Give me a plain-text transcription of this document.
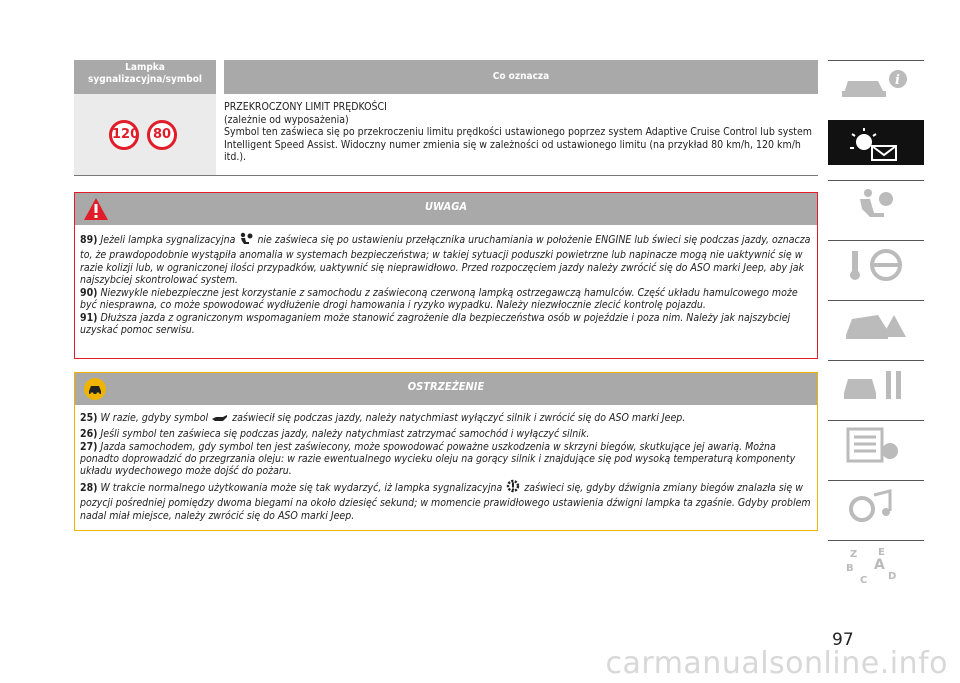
Lampka sygnalizacyjna/symbol	Co oznacza
120	80
PRZEKROCZONY LIMIT PRĘDKOŚCI
(zależnie od wyposażenia)
Symbol ten zaświeca się po przekroczeniu limitu prędkości ustawionego poprzez system Adaptive Cruise Control lub system Intelligent Speed Assist. Widoczny numer zmienia się w zależności od ustawionego limitu (na przykład 80 km/h, 120 km/h itd.).
UWAGA

89) Jeżeli lampka sygnalizacyjna nie zaświeca się po ustawieniu przełącznika uruchamiania w położenie ENGINE lub świeci się podczas jazdy, oznacza to, że prawdopodobnie wystąpiła anomalia w systemach bezpieczeństwa; w takiej sytuacji poduszki powietrzne lub napinacze mogą nie uaktywnić się w razie kolizji lub, w ograniczonej ilości przypadków, uaktywnić się nieprawidłowo. Przed rozpoczęciem jazdy należy zwrócić się do ASO marki Jeep, aby jak najszybciej skontrolować system.

90) Niezwykle niebezpieczne jest korzystanie z samochodu z zaświeconą czerwoną lampką ostrzegawczą hamulców. Część układu hamulcowego może być niesprawna, co może spowodować wydłużenie drogi hamowania i ryzyko wypadku. Należy niezwłocznie zlecić kontrolę pojazdu.

91) Dłuższa jazda z ograniczonym wspomaganiem może stanowić zagrożenie dla bezpieczeństwa osób w pojeździe i poza nim. Należy jak najszybciej uzyskać pomoc serwisu.

OSTRZEŻENIE

25) W razie, gdyby symbol zaświecił się podczas jazdy, należy natychmiast wyłączyć silnik i zwrócić się do ASO marki Jeep.

26) Jeśli symbol ten zaświeca się podczas jazdy, należy natychmiast zatrzymać samochód i wyłączyć silnik.

27) Jazda samochodem, gdy symbol ten jest zaświecony, może spowodować poważne uszkodzenia w skrzyni biegów, skutkujące jej awarią. Można ponadto doprowadzić do przegrzania oleju: w razie ewentualnego wycieku oleju na gorący silnik i znajdujące się pod wysoką temperaturą komponenty układu wydechowego może dojść do pożaru.

28) W trakcie normalnego użytkowania może się tak wydarzyć, iż lampka sygnalizacyjna zaświeci się, gdyby dźwignia zmiany biegów znalazła się w pozycji pośredniej pomiędzy dwoma biegami na około dziesięć sekund; w momencie prawidłowego ustawienia dźwigni lampka ta zgaśnie. Gdyby problem nadal miał miejsce, należy zwrócić się do ASO marki Jeep.

i
Z E
B A
C D
97
carmanualsonline.info
